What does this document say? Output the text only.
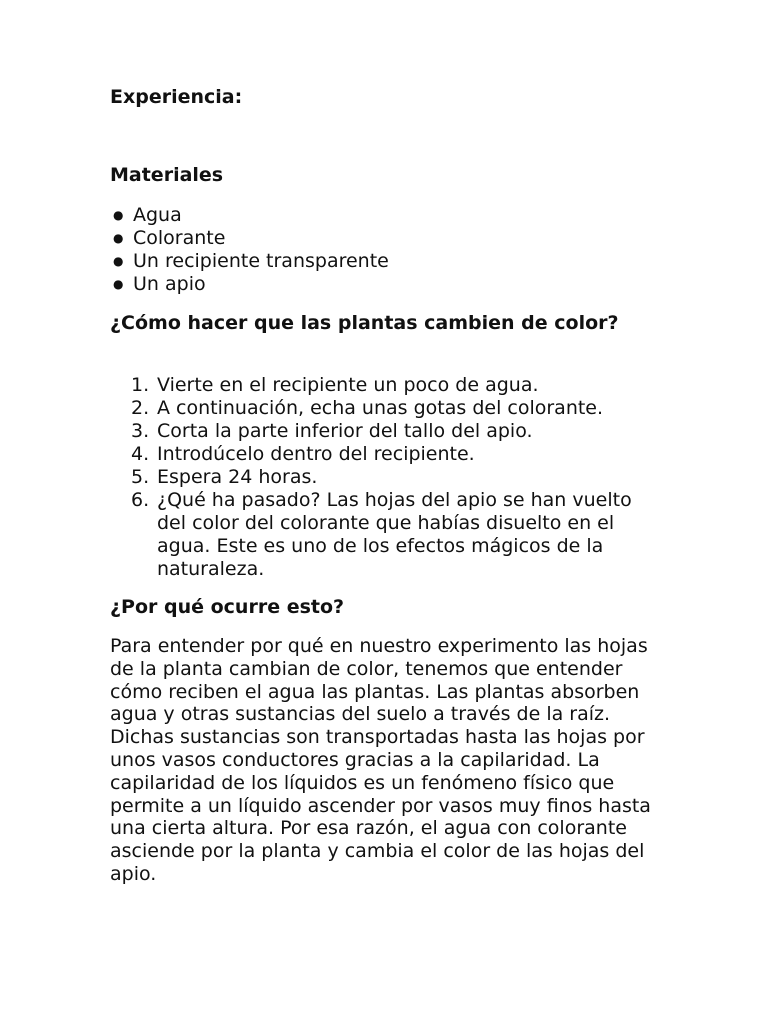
Experiencia:
Materiales
● Agua
● Colorante
● Un recipiente transparente
● Un apio
¿Cómo hacer que las plantas cambien de color?
1. Vierte en el recipiente un poco de agua.
2. A continuación, echa unas gotas del colorante.
3. Corta la parte inferior del tallo del apio.
4. Introdúcelo dentro del recipiente.
5. Espera 24 horas.
6. ¿Qué ha pasado? Las hojas del apio se han vuelto del color del colorante que habías disuelto en el agua. Este es uno de los efectos mágicos de la naturaleza.
¿Por qué ocurre esto?

Para entender por qué en nuestro experimento las hojas de la planta cambian de color, tenemos que entender cómo reciben el agua las plantas. Las plantas absorben agua y otras sustancias del suelo a través de la raíz. Dichas sustancias son transportadas hasta las hojas por unos vasos conductores gracias a la capilaridad. La capilaridad de los líquidos es un fenómeno físico que permite a un líquido ascender por vasos muy finos hasta una cierta altura. Por esa razón, el agua con colorante asciende por la planta y cambia el color de las hojas del apio.
